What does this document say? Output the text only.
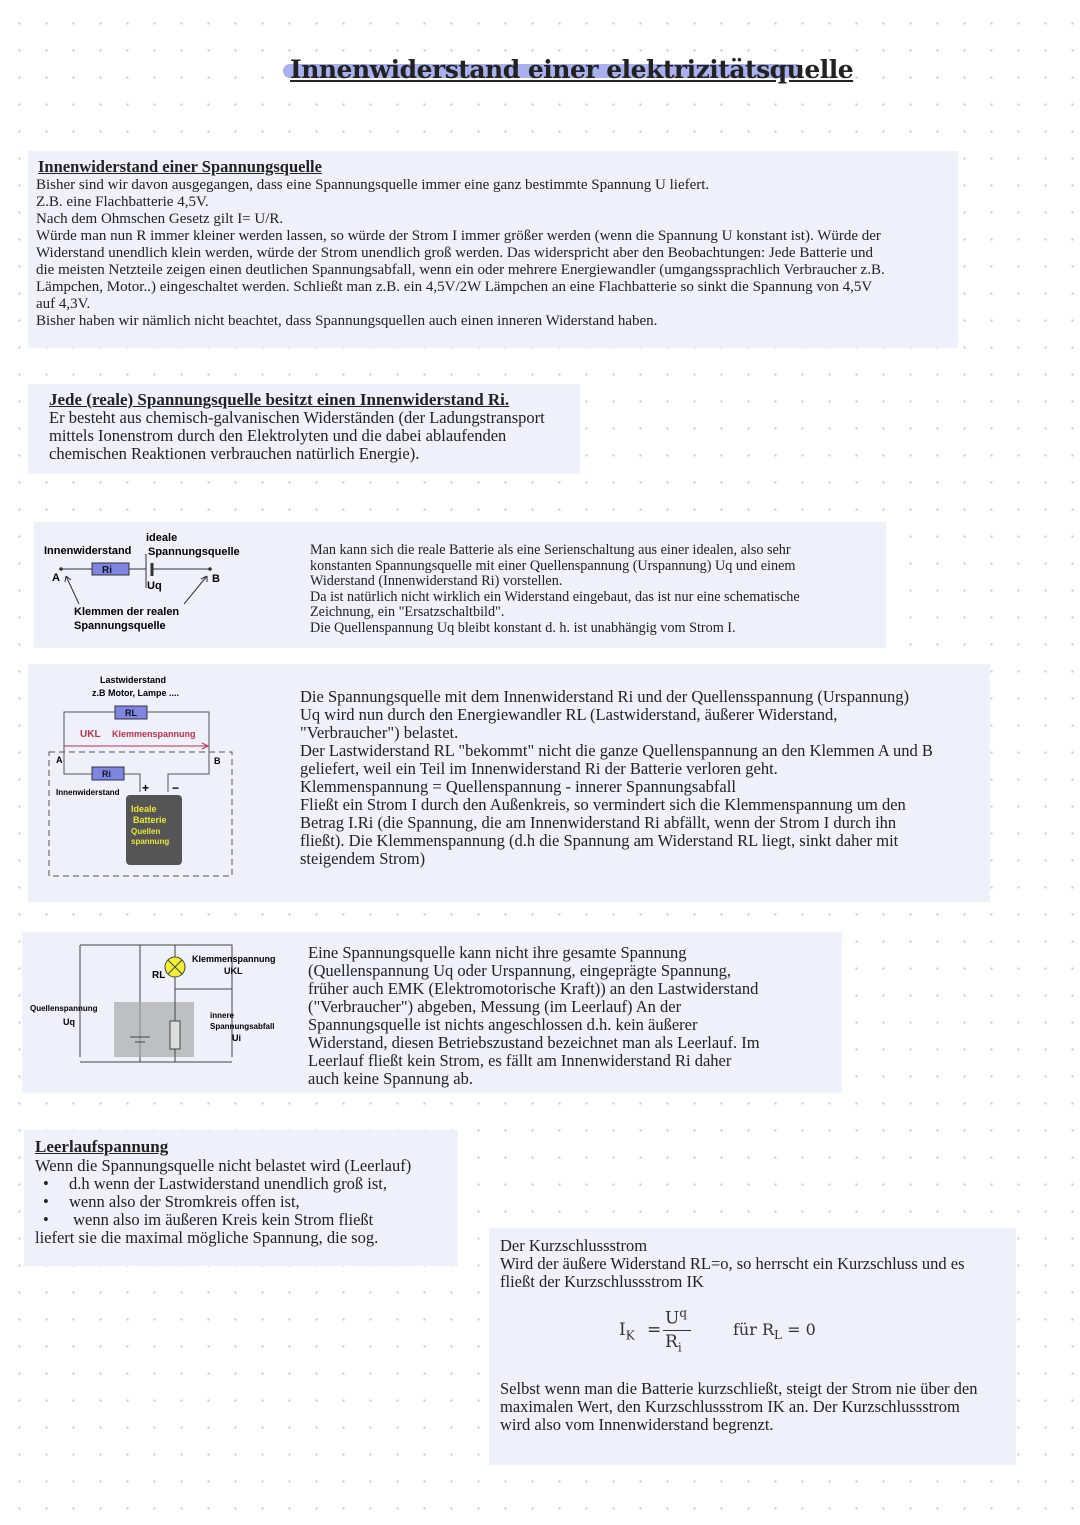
Innenwiderstand einer elektrizitätsquelle
Innenwiderstand einer Spannungsquelle
Bisher sind wir davon ausgegangen, dass eine Spannungsquelle immer eine ganz bestimmte Spannung U liefert.
Z.B. eine Flachbatterie 4,5V.
Nach dem Ohmschen Gesetz gilt I= U/R.
Würde man nun R immer kleiner werden lassen, so würde der Strom I immer größer werden (wenn die Spannung U konstant ist). Würde der
Widerstand unendlich klein werden, würde der Strom unendlich groß werden. Das widerspricht aber den Beobachtungen: Jede Batterie und
die meisten Netzteile zeigen einen deutlichen Spannungsabfall, wenn ein oder mehrere Energiewandler (umgangssprachlich Verbraucher z.B.
Lämpchen, Motor..) eingeschaltet werden. Schließt man z.B. ein 4,5V/2W Lämpchen an eine Flachbatterie so sinkt die Spannung von 4,5V
auf 4,3V.
Bisher haben wir nämlich nicht beachtet, dass Spannungsquellen auch einen inneren Widerstand haben.
Jede (reale) Spannungsquelle besitzt einen Innenwiderstand Ri.
Er besteht aus chemisch-galvanischen Widerständen (der Ladungstransport
mittels Ionenstrom durch den Elektrolyten und die dabei ablaufenden
chemischen Reaktionen verbrauchen natürlich Energie).
Innenwiderstand
ideale
Spannungsquelle
Ri
A	B
Uq
Klemmen der realen
Spannungsquelle
Man kann sich die reale Batterie als eine Serienschaltung aus einer idealen, also sehr
konstanten Spannungsquelle mit einer Quellenspannung (Urspannung) Uq und einem
Widerstand (Innenwiderstand Ri) vorstellen.
Da ist natürlich nicht wirklich ein Widerstand eingebaut, das ist nur eine schematische
Zeichnung, ein "Ersatzschaltbild".
Die Quellenspannung Uq bleibt konstant d. h. ist unabhängig vom Strom I.
Lastwiderstand
z.B Motor, Lampe ....
RL
UKL Klemmenspannung
A	B
Ri
Innenwiderstand + −
Ideale
Batterie
Quellen
spannung
Die Spannungsquelle mit dem Innenwiderstand Ri und der Quellensspannung (Urspannung)
Uq wird nun durch den Energiewandler RL (Lastwiderstand, äußerer Widerstand,
"Verbraucher") belastet.
Der Lastwiderstand RL "bekommt" nicht die ganze Quellenspannung an den Klemmen A und B
geliefert, weil ein Teil im Innenwiderstand Ri der Batterie verloren geht.
Klemmenspannung = Quellenspannung - innerer Spannungsabfall
Fließt ein Strom I durch den Außenkreis, so vermindert sich die Klemmenspannung um den
Betrag I.Ri (die Spannung, die am Innenwiderstand Ri abfällt, wenn der Strom I durch ihn
fließt). Die Klemmenspannung (d.h die Spannung am Widerstand RL liegt, sinkt daher mit
steigendem Strom)
RL
Klemmenspannung
UKL
Quellenspannung
Uq
innere
Spannungsabfall
Ui
Eine Spannungsquelle kann nicht ihre gesamte Spannung
(Quellenspannung Uq oder Urspannung, eingeprägte Spannung,
früher auch EMK (Elektromotorische Kraft)) an den Lastwiderstand
("Verbraucher") abgeben, Messung (im Leerlauf) An der
Spannungsquelle ist nichts angeschlossen d.h. kein äußerer
Widerstand, diesen Betriebszustand bezeichnet man als Leerlauf. Im
Leerlauf fließt kein Strom, es fällt am Innenwiderstand Ri daher
auch keine Spannung ab.
Leerlaufspannung
Wenn die Spannungsquelle nicht belastet wird (Leerlauf)
• d.h wenn der Lastwiderstand unendlich groß ist,
• wenn also der Stromkreis offen ist,
• wenn also im äußeren Kreis kein Strom fließt
liefert sie die maximal mögliche Spannung, die sog.	Der Kurzschlussstrom
Wird der äußere Widerstand RL=o, so herrscht ein Kurzschluss und es
fließt der Kurzschlussstrom IK
$I_K$ =
$U^q$
$R_i$
für $R_L = 0$
Selbst wenn man die Batterie kurzschließt, steigt der Strom nie über den
maximalen Wert, den Kurzschlussstrom IK an. Der Kurzschlussstrom
wird also vom Innenwiderstand begrenzt.
